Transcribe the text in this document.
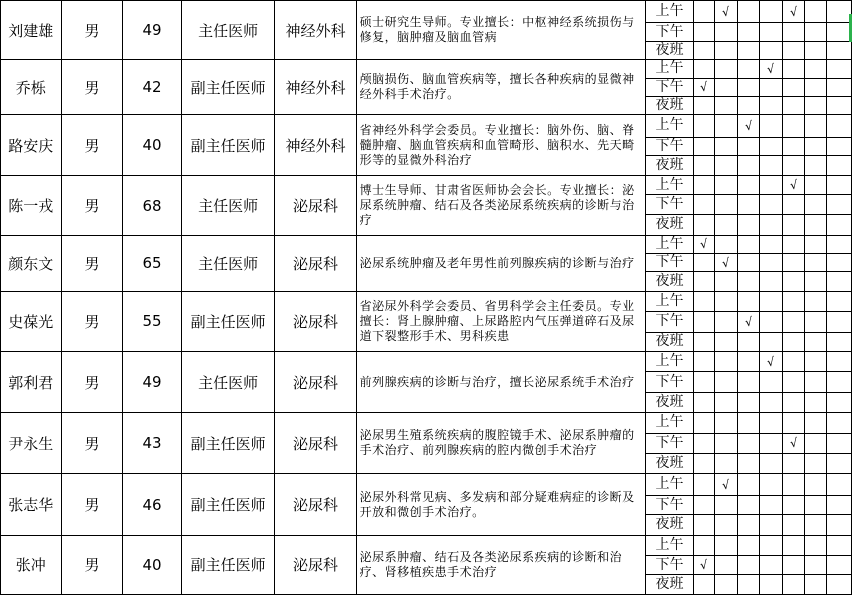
刘建雄	男	49	主任医师	神经外科	硕士研究生导师。专业擅长：中枢神经系统损伤与修复，脑肿瘤及脑血管病	上午		√			√		
						下午							
						夜班							
乔栎	男	42	副主任医师	神经外科	颅脑损伤、脑血管疾病等，擅长各种疾病的显微神经外科手术治疗。	上午				√			
						下午	√						
						夜班							
路安庆	男	40	副主任医师	神经外科	省神经外科学会委员。专业擅长：脑外伤、脑、脊髓肿瘤、脑血管疾病和血管畸形、脑积水、先天畸形等的显微外科治疗	上午			√				
						下午							
						夜班							
陈一戎	男	68	主任医师	泌尿科	博士生导师、甘肃省医师协会会长。专业擅长：泌尿系统肿瘤、结石及各类泌尿系统疾病的诊断与治疗	上午					√		
						下午							
						夜班							
颜东文	男	65	主任医师	泌尿科	泌尿系统肿瘤及老年男性前列腺疾病的诊断与治疗	上午	√						
						下午		√					
						夜班							
史葆光	男	55	副主任医师	泌尿科	省泌尿外科学会委员、省男科学会主任委员。专业擅长：肾上腺肿瘤、上尿路腔内气压弹道碎石及尿道下裂整形手术、男科疾患	上午							
						下午			√				
						夜班							
郭利君	男	49	主任医师	泌尿科	前列腺疾病的诊断与治疗，擅长泌尿系统手术治疗	上午				√			
						下午							
						夜班							
尹永生	男	43	副主任医师	泌尿科	泌尿男生殖系统疾病的腹腔镜手术、泌尿系肿瘤的手术治疗、前列腺疾病的腔内微创手术治疗	上午							
						下午					√		
						夜班							
张志华	男	46	副主任医师	泌尿科	泌尿外科常见病、多发病和部分疑难病症的诊断及开放和微创手术治疗。	上午		√					
						下午							
						夜班							
张冲	男	40	副主任医师	泌尿科	泌尿系肿瘤、结石及各类泌尿系疾病的诊断和治疗、肾移植疾患手术治疗	上午							
						下午	√						
						夜班							
